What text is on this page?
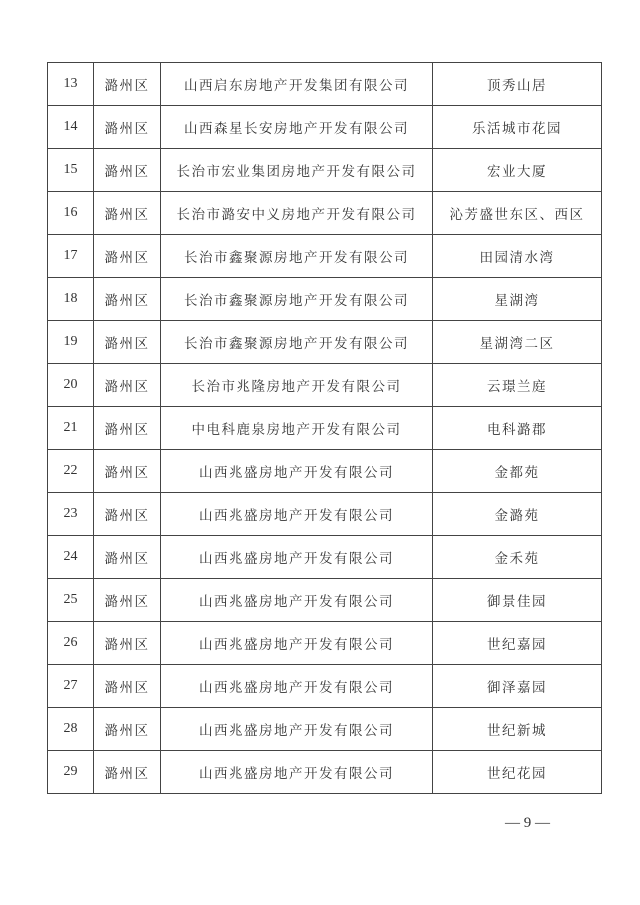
13	潞州区	山西启东房地产开发集团有限公司	顶秀山居
14	潞州区	山西森星长安房地产开发有限公司	乐活城市花园
15	潞州区	长治市宏业集团房地产开发有限公司	宏业大厦
16	潞州区	长治市潞安中义房地产开发有限公司	沁芳盛世东区、西区
17	潞州区	长治市鑫聚源房地产开发有限公司	田园清水湾
18	潞州区	长治市鑫聚源房地产开发有限公司	星湖湾
19	潞州区	长治市鑫聚源房地产开发有限公司	星湖湾二区
20	潞州区	长治市兆隆房地产开发有限公司	云璟兰庭
21	潞州区	中电科鹿泉房地产开发有限公司	电科潞郡
22	潞州区	山西兆盛房地产开发有限公司	金都苑
23	潞州区	山西兆盛房地产开发有限公司	金潞苑
24	潞州区	山西兆盛房地产开发有限公司	金禾苑
25	潞州区	山西兆盛房地产开发有限公司	御景佳园
26	潞州区	山西兆盛房地产开发有限公司	世纪嘉园
27	潞州区	山西兆盛房地产开发有限公司	御泽嘉园
28	潞州区	山西兆盛房地产开发有限公司	世纪新城
29	潞州区	山西兆盛房地产开发有限公司	世纪花园
— 9 —
